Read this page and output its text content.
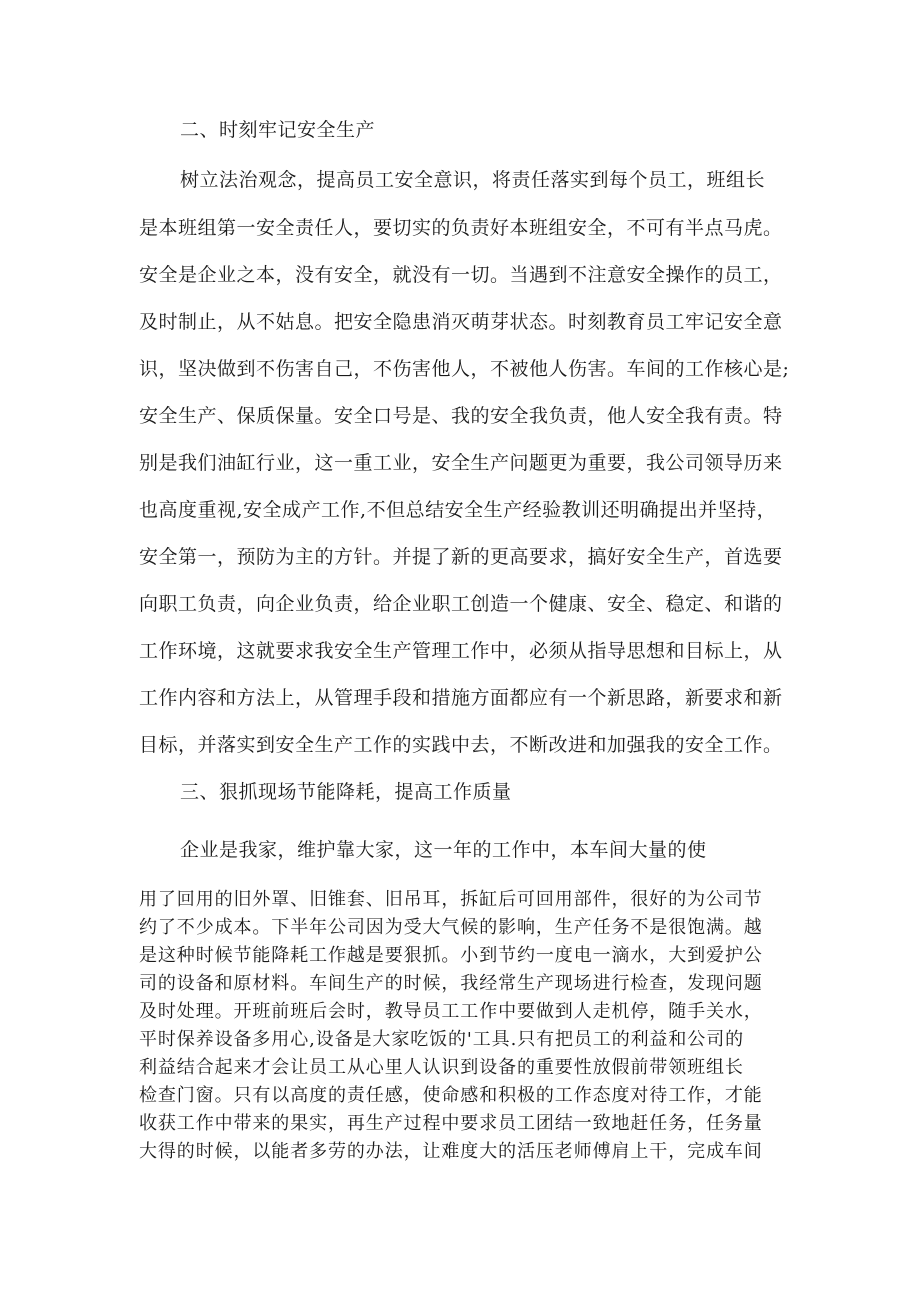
二、时刻牢记安全生产
树立法治观念，提高员工安全意识，将责任落实到每个员工，班组长
是本班组第一安全责任人，要切实的负责好本班组安全，不可有半点马虎。
安全是企业之本，没有安全，就没有一切。当遇到不注意安全操作的员工，
及时制止，从不姑息。把安全隐患消灭萌芽状态。时刻教育员工牢记安全意
识，坚决做到不伤害自己，不伤害他人，不被他人伤害。车间的工作核心是;
安全生产、保质保量。安全口号是、我的安全我负责，他人安全我有责。特
别是我们油缸行业，这一重工业，安全生产问题更为重要，我公司领导历来
也高度重视,安全成产工作,不但总结安全生产经验教训还明确提出并坚持，
安全第一，预防为主的方针。并提了新的更高要求，搞好安全生产，首选要
向职工负责，向企业负责，给企业职工创造一个健康、安全、稳定、和谐的
工作环境，这就要求我安全生产管理工作中，必须从指导思想和目标上，从
工作内容和方法上，从管理手段和措施方面都应有一个新思路，新要求和新
目标，并落实到安全生产工作的实践中去，不断改进和加强我的安全工作。
三、狠抓现场节能降耗，提高工作质量
企业是我家，维护靠大家，这一年的工作中，本车间大量的使
用了回用的旧外罩、旧锥套、旧吊耳，拆缸后可回用部件，很好的为公司节
约了不少成本。下半年公司因为受大气候的影响，生产任务不是很饱满。越
是这种时候节能降耗工作越是要狠抓。小到节约一度电一滴水，大到爱护公
司的设备和原材料。车间生产的时候，我经常生产现场进行检查，发现问题
及时处理。开班前班后会时，教导员工工作中要做到人走机停，随手关水，
平时保养设备多用心,设备是大家吃饭的'工具.只有把员工的利益和公司的
利益结合起来才会让员工从心里人认识到设备的重要性放假前带领班组长
检查门窗。只有以高度的责任感，使命感和积极的工作态度对待工作，才能
收获工作中带来的果实，再生产过程中要求员工团结一致地赶任务，任务量
大得的时候，以能者多劳的办法，让难度大的活压老师傅肩上干，完成车间
